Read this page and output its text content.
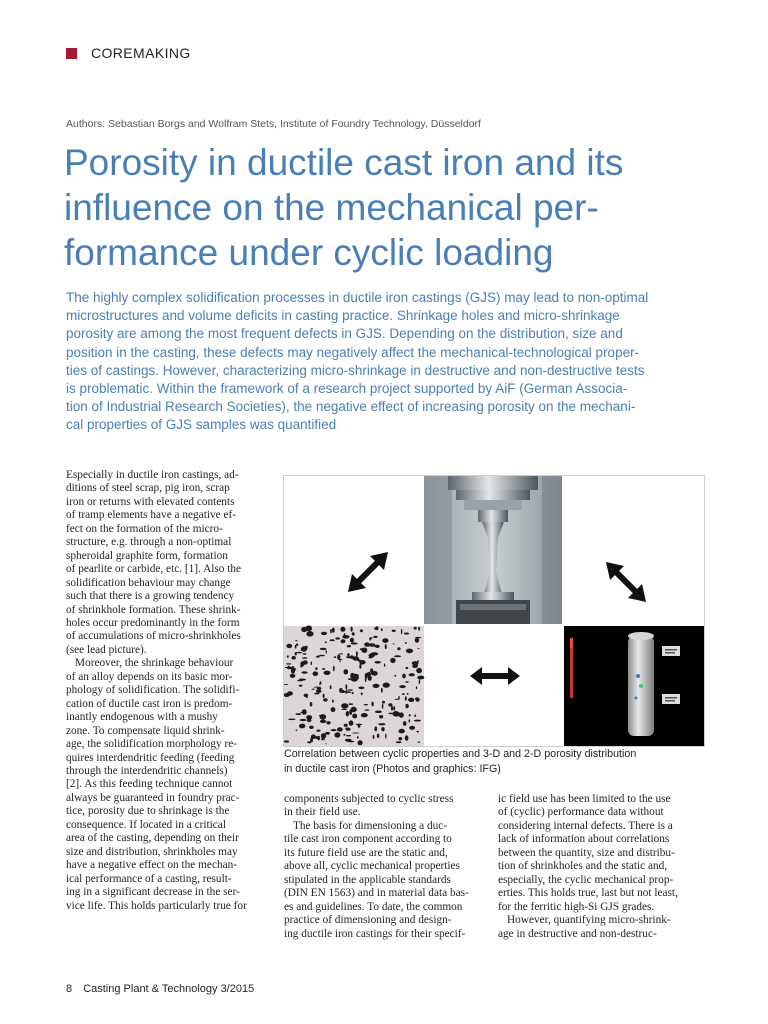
COREMAKING
Authors: Sebastian Borgs and Wolfram Stets, Institute of Foundry Technology, Düsseldorf
Porosity in ductile cast iron and its
influence on the mechanical per-
formance under cyclic loading
The highly complex solidification processes in ductile iron castings (GJS) may lead to non-optimal
microstructures and volume deficits in casting practice. Shrinkage holes and micro-shrinkage
porosity are among the most frequent defects in GJS. Depending on the distribution, size and
position in the casting, these defects may negatively affect the mechanical-technological proper-
ties of castings. However, characterizing micro-shrinkage in destructive and non-destructive tests
is problematic. Within the framework of a research project supported by AiF (German Associa-
tion of Industrial Research Societies), the negative effect of increasing porosity on the mechani-
cal properties of GJS samples was quantified
Especially in ductile iron castings, ad-
ditions of steel scrap, pig iron, scrap
iron or returns with elevated contents
of tramp elements have a negative ef-
fect on the formation of the micro-
structure, e.g. through a non-optimal
spheroidal graphite form, formation
of pearlite or carbide, etc. [1]. Also the
solidification behaviour may change
such that there is a growing tendency
of shrinkhole formation. These shrink-
holes occur predominantly in the form
of accumulations of micro-shrinkholes
(see lead picture).
Moreover, the shrinkage behaviour
of an alloy depends on its basic mor-
phology of solidification. The solidifi-
cation of ductile cast iron is predom-
inantly endogenous with a mushy
zone. To compensate liquid shrink-
age, the solidification morphology re-
quires interdendritic feeding (feeding
through the interdendritic channels)
[2]. As this feeding technique cannot
always be guaranteed in foundry prac-
tice, porosity due to shrinkage is the
consequence. If located in a critical
area of the casting, depending on their
size and distribution, shrinkholes may
have a negative effect on the mechan-
ical performance of a casting, result-
ing in a significant decrease in the ser-
vice life. This holds particularly true for
Correlation between cyclic properties and 3-D and 2-D porosity distribution
in ductile cast iron (Photos and graphics: IFG)
components subjected to cyclic stress
in their field use.
The basis for dimensioning a duc-
tile cast iron component according to
its future field use are the static and,
above all, cyclic mechanical properties
stipulated in the applicable standards
(DIN EN 1563) and in material data bas-
es and guidelines. To date, the common
practice of dimensioning and design-
ing ductile iron castings for their specif-
ic field use has been limited to the use
of (cyclic) performance data without
considering internal defects. There is a
lack of information about correlations
between the quantity, size and distribu-
tion of shrinkholes and the static and,
especially, the cyclic mechanical prop-
erties. This holds true, last but not least,
for the ferritic high-Si GJS grades.
However, quantifying micro-shrink-
age in destructive and non-destruc-
8 Casting Plant & Technology 3/2015
